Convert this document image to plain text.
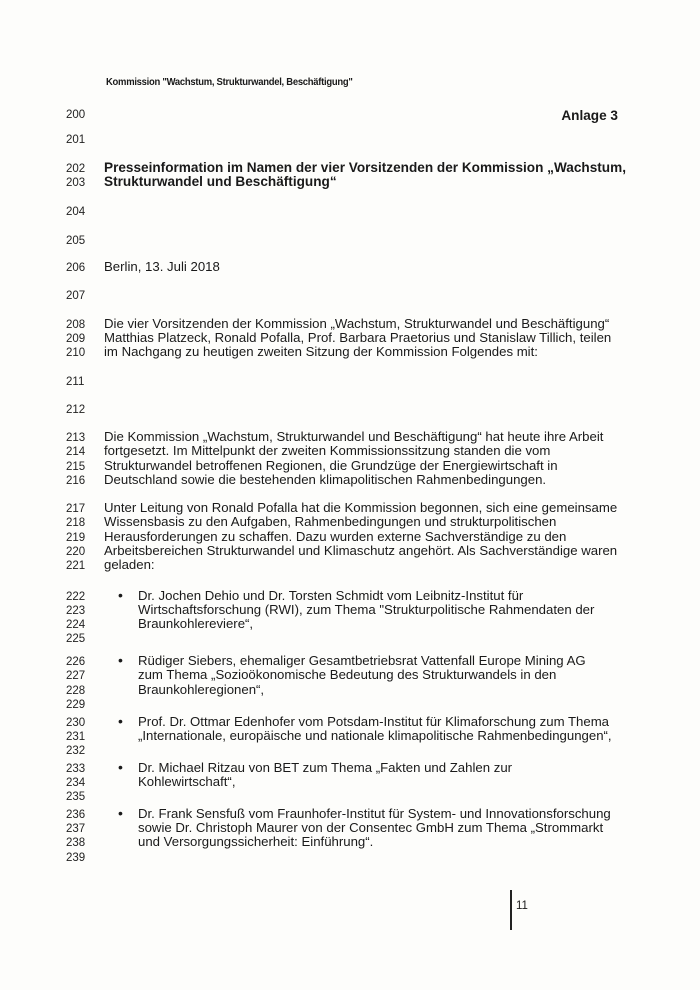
Kommission "Wachstum, Strukturwandel, Beschäftigung"
Anlage 3
200
201
202
203
204
205
206
207
208
209
210
211
212
213
214
215
216
217
218
219
220
221
222
223
224
225
226
227
228
229
230
231
232
233
234
235
236
237
238
239
Presseinformation im Namen der vier Vorsitzenden der Kommission „Wachstum,
Strukturwandel und Beschäftigung“
Berlin, 13. Juli 2018
Die vier Vorsitzenden der Kommission „Wachstum, Strukturwandel und Beschäftigung“
Matthias Platzeck, Ronald Pofalla, Prof. Barbara Praetorius und Stanislaw Tillich, teilen
im Nachgang zu heutigen zweiten Sitzung der Kommission Folgendes mit:
Die Kommission „Wachstum, Strukturwandel und Beschäftigung“ hat heute ihre Arbeit
fortgesetzt. Im Mittelpunkt der zweiten Kommissionssitzung standen die vom
Strukturwandel betroffenen Regionen, die Grundzüge der Energiewirtschaft in
Deutschland sowie die bestehenden klimapolitischen Rahmenbedingungen.
Unter Leitung von Ronald Pofalla hat die Kommission begonnen, sich eine gemeinsame
Wissensbasis zu den Aufgaben, Rahmenbedingungen und strukturpolitischen
Herausforderungen zu schaffen. Dazu wurden externe Sachverständige zu den
Arbeitsbereichen Strukturwandel und Klimaschutz angehört. Als Sachverständige waren
geladen:
• Dr. Jochen Dehio und Dr. Torsten Schmidt vom Leibnitz-Institut für
Wirtschaftsforschung (RWI), zum Thema "Strukturpolitische Rahmendaten der
Braunkohlereviere“,
• Rüdiger Siebers, ehemaliger Gesamtbetriebsrat Vattenfall Europe Mining AG
zum Thema „Sozioökonomische Bedeutung des Strukturwandels in den
Braunkohleregionen“,
• Prof. Dr. Ottmar Edenhofer vom Potsdam-Institut für Klimaforschung zum Thema
„Internationale, europäische und nationale klimapolitische Rahmenbedingungen“,
• Dr. Michael Ritzau von BET zum Thema „Fakten und Zahlen zur
Kohlewirtschaft“,
• Dr. Frank Sensfuß vom Fraunhofer-Institut für System- und Innovationsforschung
sowie Dr. Christoph Maurer von der Consentec GmbH zum Thema „Strommarkt
und Versorgungssicherheit: Einführung“.
11
